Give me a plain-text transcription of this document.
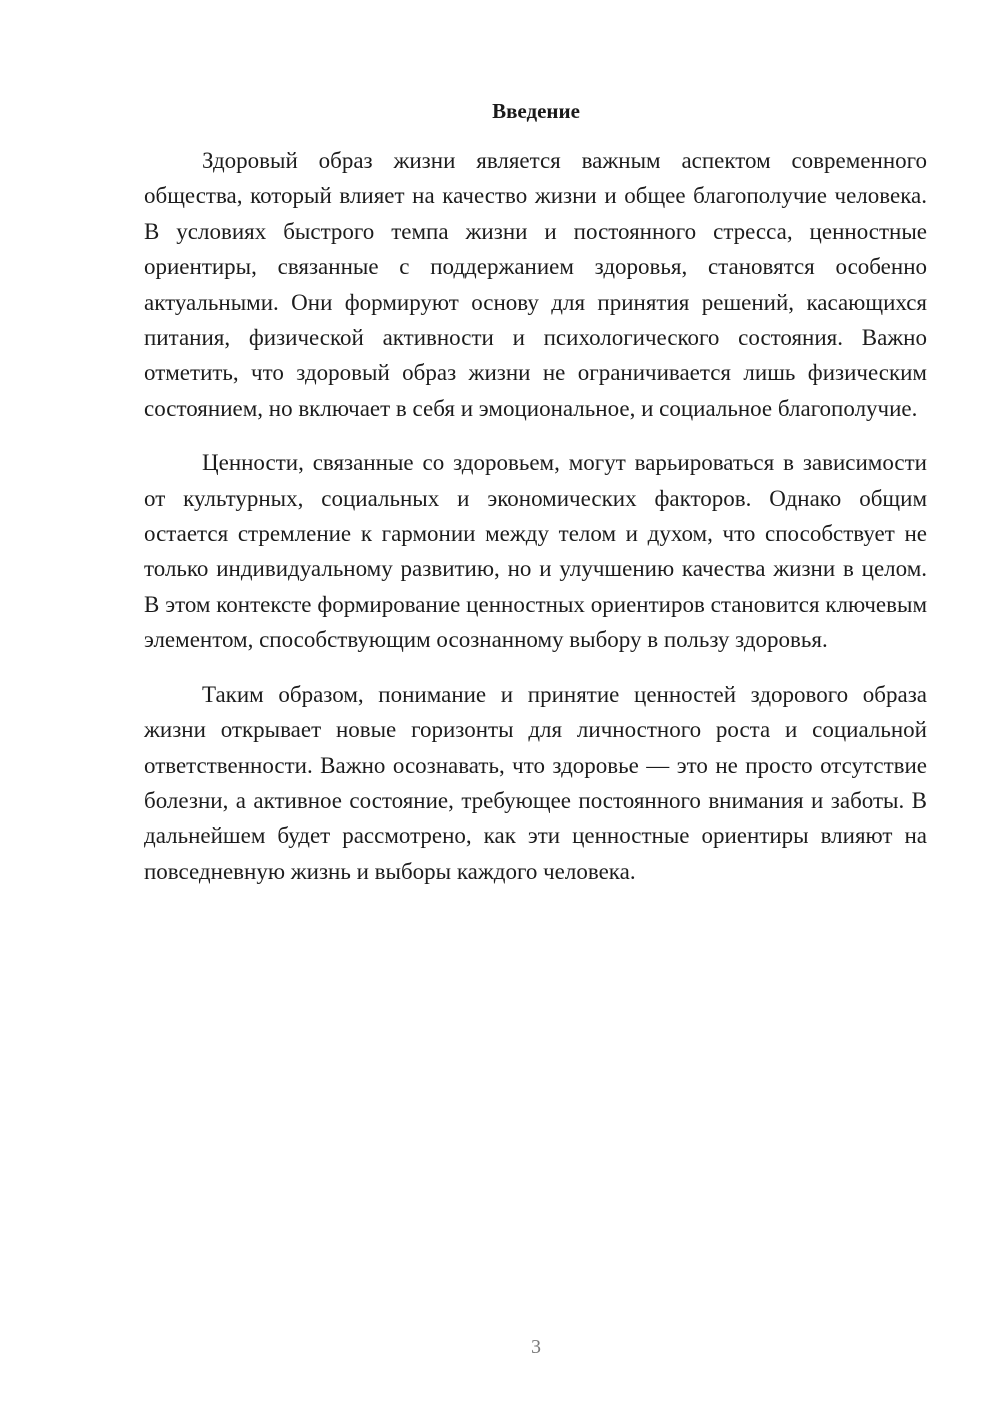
Введение

Здоровый образ жизни является важным аспектом современного общества, который влияет на качество жизни и общее благополучие человека. В условиях быстрого темпа жизни и постоянного стресса, ценностные ориентиры, связанные с поддержанием здоровья, становятся особенно актуальными. Они формируют основу для принятия решений, касающихся питания, физической активности и психологического состояния. Важно отметить, что здоровый образ жизни не ограничивается лишь физическим состоянием, но включает в себя и эмоциональное, и социальное благополучие.

Ценности, связанные со здоровьем, могут варьироваться в зависимости от культурных, социальных и экономических факторов. Однако общим остается стремление к гармонии между телом и духом, что способствует не только индивидуальному развитию, но и улучшению качества жизни в целом. В этом контексте формирование ценностных ориентиров становится ключевым элементом, способствующим осознанному выбору в пользу здоровья.

Таким образом, понимание и принятие ценностей здорового образа жизни открывает новые горизонты для личностного роста и социальной ответственности. Важно осознавать, что здоровье — это не просто отсутствие болезни, а активное состояние, требующее постоянного внимания и заботы. В дальнейшем будет рассмотрено, как эти ценностные ориентиры влияют на повседневную жизнь и выборы каждого человека.

3
